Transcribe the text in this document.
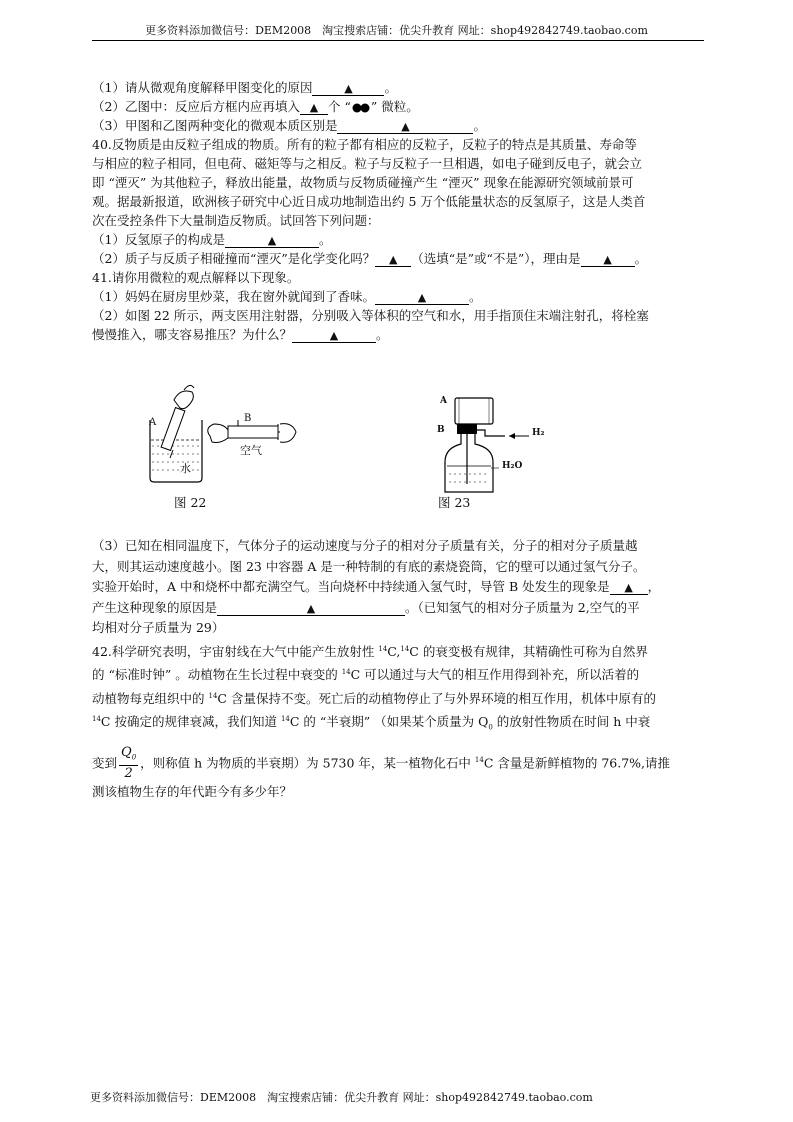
更多资料添加微信号：DEM2008　淘宝搜索店铺：优尖升教育 网址：shop492842749.taobao.com

（1）请从微观角度解释甲图变化的原因	▲	。

（2）乙图中：反应后方框内应再填入 ▲ 个 “ ” 微粒。

（3）甲图和乙图两种变化的微观本质区别是	▲	。

40.反物质是由反粒子组成的物质。所有的粒子都有相应的反粒子，反粒子的特点是其质量、寿命等

与相应的粒子相同，但电荷、磁矩等与之相反。粒子与反粒子一旦相遇，如电子碰到反电子，就会立

即 “湮灭” 为其他粒子，释放出能量，故物质与反物质碰撞产生 “湮灭” 现象在能源研究领域前景可

观。据最新报道，欧洲核子研究中心近日成功地制造出约 5 万个低能量状态的反氢原子，这是人类首

次在受控条件下大量制造反物质。试回答下列问题：

（1）反氢原子的构成是	▲	。

（2）质子与反质子相碰撞而“湮灭”是化学变化吗？ ▲ （选填“是”或“不是”），理由是 ▲ 。

41.请你用微粒的观点解释以下现象。

（1）妈妈在厨房里炒菜，我在窗外就闻到了香味。	▲	。

（2）如图 22 所示，两支医用注射器，分别吸入等体积的空气和水，用手指顶住末端注射孔，将栓塞

慢慢推入，哪支容易推压？为什么？	▲	。

A	B
水
空气
图 22
A
B	H₂
H₂O
图 23

（3）已知在相同温度下，气体分子的运动速度与分子的相对分子质量有关，分子的相对分子质量越

大，则其运动速度越小。图 23 中容器 A 是一种特制的有底的素烧瓷筒，它的壁可以通过氢气分子。

实验开始时，A 中和烧杯中都充满空气。当向烧杯中持续通入氢气时，导管 B 处发生的现象是 ▲ ，

产生这种现象的原因是	▲	。（已知氢气的相对分子质量为 2,空气的平

均相对分子质量为 29）

42.科学研究表明，宇宙射线在大气中能产生放射性 $^{14}$C,$^{14}$C 的衰变极有规律，其精确性可称为自然界

的 “标准时钟” 。动植物在生长过程中衰变的 $^{14}$C 可以通过与大气的相互作用得到补充，所以活着的

动植物每克组织中的 $^{14}$C 含量保持不变。死亡后的动植物停止了与外界环境的相互作用，机体中原有的

$^{14}$C 按确定的规律衰减，我们知道 $^{14}$C 的 “半衰期” （如果某个质量为 $Q_0$ 的放射性物质在时间 h 中衰

变到 $\frac{Q_0}{2}$ ，则称值 h 为物质的半衰期）为 5730 年，某一植物化石中 $^{14}$C 含量是新鲜植物的 76.7%,请推

测该植物生存的年代距今有多少年？

更多资料添加微信号：DEM2008　淘宝搜索店铺：优尖升教育 网址：shop492842749.taobao.com
